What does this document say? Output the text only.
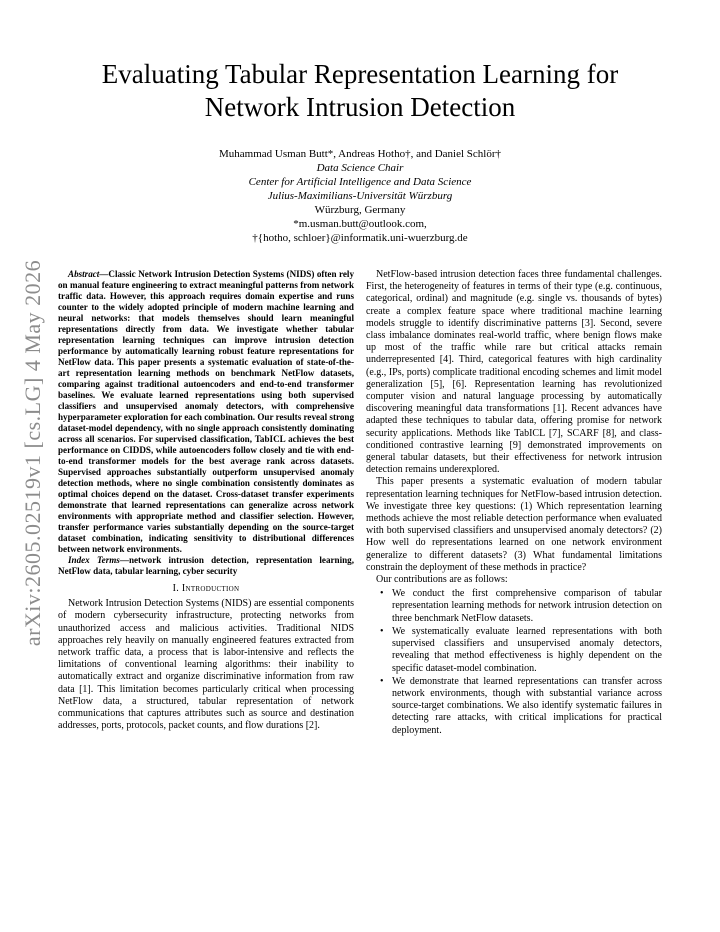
arXiv:2605.02519v1 [cs.LG] 4 May 2026
Evaluating Tabular Representation Learning for
Network Intrusion Detection
Muhammad Usman Butt*, Andreas Hotho†, and Daniel Schlör†
Data Science Chair
Center for Artificial Intelligence and Data Science
Julius-Maximilians-Universität Würzburg
Würzburg, Germany
*m.usman.butt@outlook.com,
†{hotho, schloer}@informatik.uni-wuerzburg.de

Abstract—Classic Network Intrusion Detection Systems (NIDS) often rely on manual feature engineering to extract meaningful patterns from network traffic data. However, this approach requires domain expertise and runs counter to the widely adopted principle of modern machine learning and neural networks: that models themselves should learn meaningful representations directly from data. We investigate whether tabular representation learning techniques can improve intrusion detection performance by automatically learning robust feature representations for NetFlow data. This paper presents a systematic evaluation of state-of-the-art representation learning methods on benchmark NetFlow datasets, comparing against traditional autoencoders and end-to-end transformer baselines. We evaluate learned representations using both supervised classifiers and unsupervised anomaly detectors, with comprehensive hyperparameter exploration for each combination. Our results reveal strong dataset-model dependency, with no single approach consistently dominating across all scenarios. For supervised classification, TabICL achieves the best performance on CIDDS, while autoencoders follow closely and tie with end-to-end transformer models for the best average rank across datasets. Supervised approaches substantially outperform unsupervised anomaly detection methods, where no single combination consistently dominates as optimal choices depend on the dataset. Cross-dataset transfer experiments demonstrate that learned representations can generalize across network environments with appropriate method and classifier selection. However, transfer performance varies substantially depending on the source-target dataset combination, indicating sensitivity to distributional differences between network environments.

Index Terms—network intrusion detection, representation learning, NetFlow data, tabular learning, cyber security

I. Introduction

Network Intrusion Detection Systems (NIDS) are essential components of modern cybersecurity infrastructure, protecting networks from unauthorized access and malicious activities. Traditional NIDS approaches rely heavily on manually engineered features extracted from network traffic data, a process that is labor-intensive and reflects the limitations of conventional learning algorithms: their inability to automatically extract and organize discriminative information from raw data [1]. This limitation becomes particularly critical when processing NetFlow data, a structured, tabular representation of network communications that captures attributes such as source and destination addresses, ports, protocols, packet counts, and flow durations [2].

NetFlow-based intrusion detection faces three fundamental challenges. First, the heterogeneity of features in terms of their type (e.g. continuous, categorical, ordinal) and magnitude (e.g. single vs. thousands of bytes) create a complex feature space where traditional machine learning models struggle to identify discriminative patterns [3]. Second, severe class imbalance dominates real-world traffic, where benign flows make up most of the traffic while rare but critical attacks remain underrepresented [4]. Third, categorical features with high cardinality (e.g., IPs, ports) complicate traditional encoding schemes and limit model generalization [5], [6]. Representation learning has revolutionized computer vision and natural language processing by automatically discovering meaningful data transformations [1]. Recent advances have adapted these techniques to tabular data, offering promise for network security applications. Methods like TabICL [7], SCARF [8], and class-conditioned contrastive learning [9] demonstrated improvements on general tabular datasets, but their effectiveness for network intrusion detection remains underexplored.

This paper presents a systematic evaluation of modern tabular representation learning techniques for NetFlow-based intrusion detection. We investigate three key questions: (1) Which representation learning methods achieve the most reliable detection performance when evaluated with both supervised classifiers and unsupervised anomaly detectors? (2) How well do representations learned on one network environment generalize to different datasets? (3) What fundamental limitations constrain the deployment of these methods in practice?

Our contributions are as follows:

• We conduct the first comprehensive comparison of tabular representation learning methods for network intrusion detection on three benchmark NetFlow datasets.
• We systematically evaluate learned representations with both supervised classifiers and unsupervised anomaly detectors, revealing that method effectiveness is highly dependent on the specific dataset-model combination.
• We demonstrate that learned representations can transfer across network environments, though with substantial variance across source-target combinations. We also identify systematic failures in detecting rare attacks, with critical implications for practical deployment.
